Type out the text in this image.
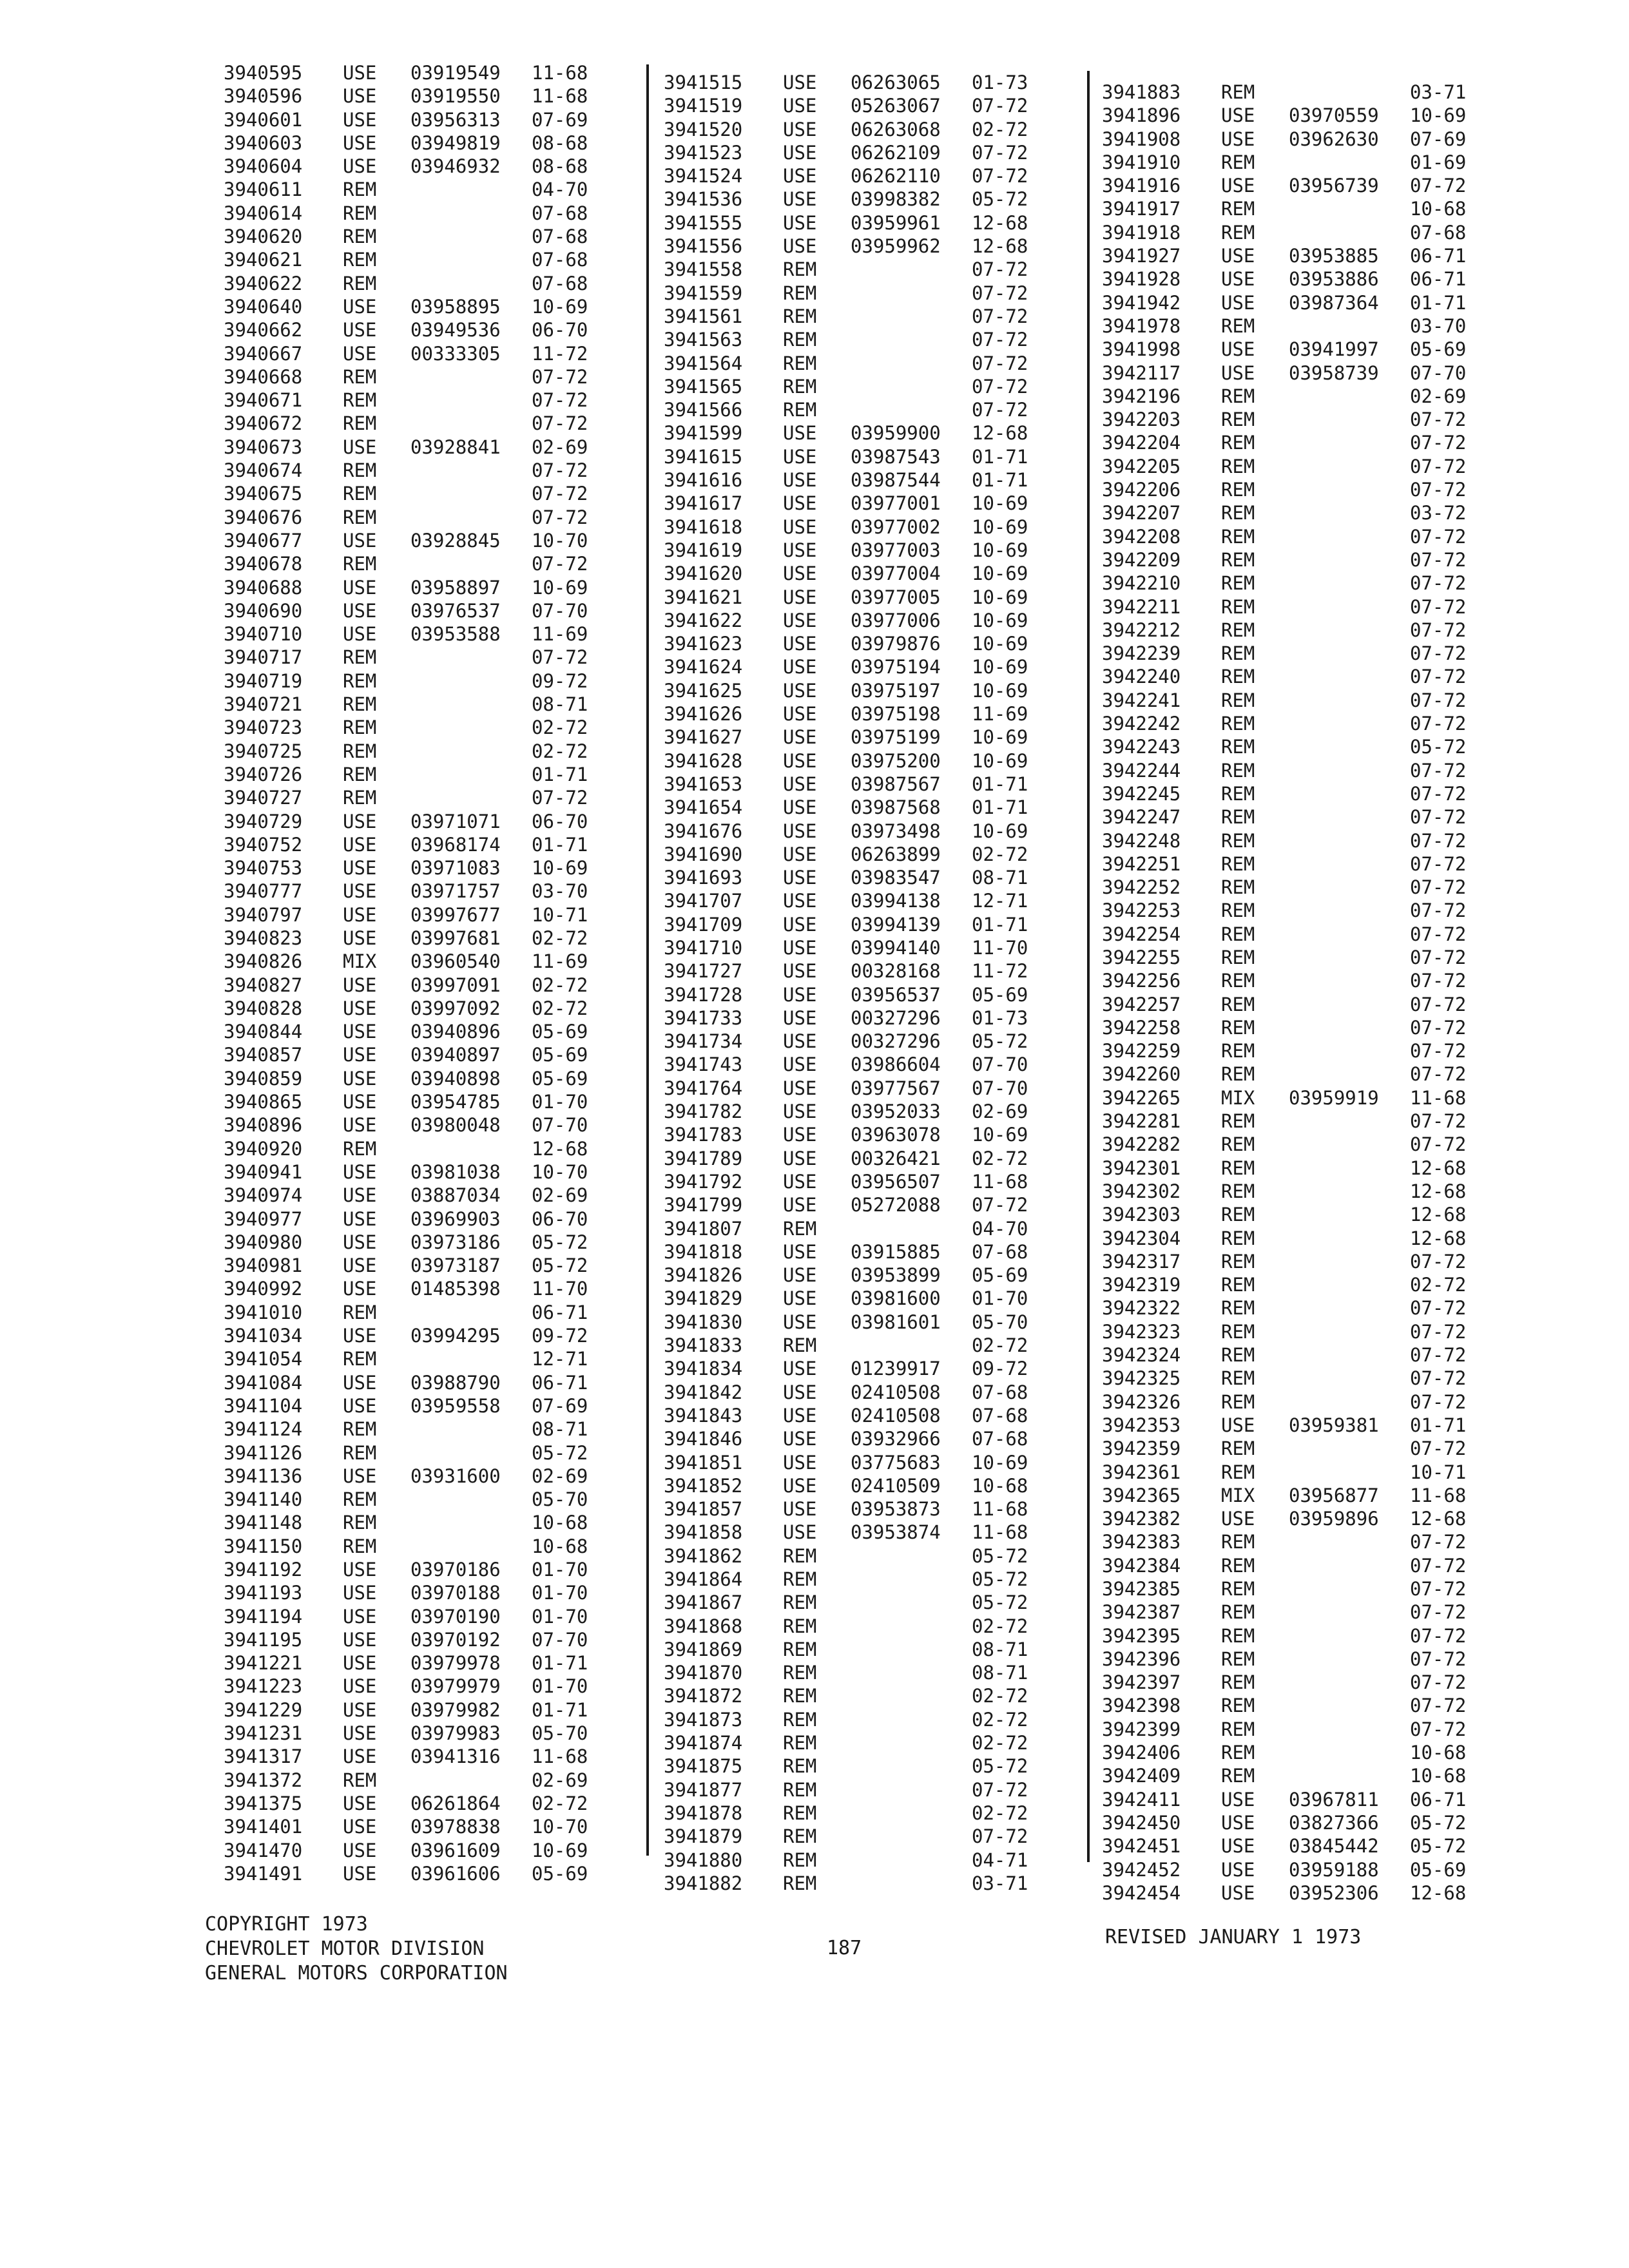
3940595 USE 03919549 11-68
3940596 USE 03919550 11-68
3940601 USE 03956313 07-69
3940603 USE 03949819 08-68
3940604 USE 03946932 08-68
3940611 REM	04-70
3940614 REM	07-68
3940620 REM	07-68
3940621 REM	07-68
3940622 REM	07-68
3940640 USE 03958895 10-69
3940662 USE 03949536 06-70
3940667 USE 00333305 11-72
3940668 REM	07-72
3940671 REM	07-72
3940672 REM	07-72
3940673 USE 03928841 02-69
3940674 REM	07-72
3940675 REM	07-72
3940676 REM	07-72
3940677 USE 03928845 10-70
3940678 REM	07-72
3940688 USE 03958897 10-69
3940690 USE 03976537 07-70
3940710 USE 03953588 11-69
3940717 REM	07-72
3940719 REM	09-72
3940721 REM	08-71
3940723 REM	02-72
3940725 REM	02-72
3940726 REM	01-71
3940727 REM	07-72
3940729 USE 03971071 06-70
3940752 USE 03968174 01-71
3940753 USE 03971083 10-69
3940777 USE 03971757 03-70
3940797 USE 03997677 10-71
3940823 USE 03997681 02-72
3940826 MIX 03960540 11-69
3940827 USE 03997091 02-72
3940828 USE 03997092 02-72
3940844 USE 03940896 05-69
3940857 USE 03940897 05-69
3940859 USE 03940898 05-69
3940865 USE 03954785 01-70
3940896 USE 03980048 07-70
3940920 REM	12-68
3940941 USE 03981038 10-70
3940974 USE 03887034 02-69
3940977 USE 03969903 06-70
3940980 USE 03973186 05-72
3940981 USE 03973187 05-72
3940992 USE 01485398 11-70
3941010 REM	06-71
3941034 USE 03994295 09-72
3941054 REM	12-71
3941084 USE 03988790 06-71
3941104 USE 03959558 07-69
3941124 REM	08-71
3941126 REM	05-72
3941136 USE 03931600 02-69
3941140 REM	05-70
3941148 REM	10-68
3941150 REM	10-68
3941192 USE 03970186 01-70
3941193 USE 03970188 01-70
3941194 USE 03970190 01-70
3941195 USE 03970192 07-70
3941221 USE 03979978 01-71
3941223 USE 03979979 01-70
3941229 USE 03979982 01-71
3941231 USE 03979983 05-70
3941317 USE 03941316 11-68
3941372 REM	02-69
3941375 USE 06261864 02-72
3941401 USE 03978838 10-70
3941470 USE 03961609 10-69
3941491 USE 03961606 05-69
3941515 USE 06263065 01-73
3941519 USE 05263067 07-72
3941520 USE 06263068 02-72
3941523 USE 06262109 07-72
3941524 USE 06262110 07-72
3941536 USE 03998382 05-72
3941555 USE 03959961 12-68
3941556 USE 03959962 12-68
3941558 REM	07-72
3941559 REM	07-72
3941561 REM	07-72
3941563 REM	07-72
3941564 REM	07-72
3941565 REM	07-72
3941566 REM	07-72
3941599 USE 03959900 12-68
3941615 USE 03987543 01-71
3941616 USE 03987544 01-71
3941617 USE 03977001 10-69
3941618 USE 03977002 10-69
3941619 USE 03977003 10-69
3941620 USE 03977004 10-69
3941621 USE 03977005 10-69
3941622 USE 03977006 10-69
3941623 USE 03979876 10-69
3941624 USE 03975194 10-69
3941625 USE 03975197 10-69
3941626 USE 03975198 11-69
3941627 USE 03975199 10-69
3941628 USE 03975200 10-69
3941653 USE 03987567 01-71
3941654 USE 03987568 01-71
3941676 USE 03973498 10-69
3941690 USE 06263899 02-72
3941693 USE 03983547 08-71
3941707 USE 03994138 12-71
3941709 USE 03994139 01-71
3941710 USE 03994140 11-70
3941727 USE 00328168 11-72
3941728 USE 03956537 05-69
3941733 USE 00327296 01-73
3941734 USE 00327296 05-72
3941743 USE 03986604 07-70
3941764 USE 03977567 07-70
3941782 USE 03952033 02-69
3941783 USE 03963078 10-69
3941789 USE 00326421 02-72
3941792 USE 03956507 11-68
3941799 USE 05272088 07-72
3941807 REM	04-70
3941818 USE 03915885 07-68
3941826 USE 03953899 05-69
3941829 USE 03981600 01-70
3941830 USE 03981601 05-70
3941833 REM	02-72
3941834 USE 01239917 09-72
3941842 USE 02410508 07-68
3941843 USE 02410508 07-68
3941846 USE 03932966 07-68
3941851 USE 03775683 10-69
3941852 USE 02410509 10-68
3941857 USE 03953873 11-68
3941858 USE 03953874 11-68
3941862 REM	05-72
3941864 REM	05-72
3941867 REM	05-72
3941868 REM	02-72
3941869 REM	08-71
3941870 REM	08-71
3941872 REM	02-72
3941873 REM	02-72
3941874 REM	02-72
3941875 REM	05-72
3941877 REM	07-72
3941878 REM	02-72
3941879 REM	07-72
3941880 REM	04-71
3941882 REM	03-71
3941883 REM	03-71
3941896 USE 03970559 10-69
3941908 USE 03962630 07-69
3941910 REM	01-69
3941916 USE 03956739 07-72
3941917 REM	10-68
3941918 REM	07-68
3941927 USE 03953885 06-71
3941928 USE 03953886 06-71
3941942 USE 03987364 01-71
3941978 REM	03-70
3941998 USE 03941997 05-69
3942117 USE 03958739 07-70
3942196 REM	02-69
3942203 REM	07-72
3942204 REM	07-72
3942205 REM	07-72
3942206 REM	07-72
3942207 REM	03-72
3942208 REM	07-72
3942209 REM	07-72
3942210 REM	07-72
3942211 REM	07-72
3942212 REM	07-72
3942239 REM	07-72
3942240 REM	07-72
3942241 REM	07-72
3942242 REM	07-72
3942243 REM	05-72
3942244 REM	07-72
3942245 REM	07-72
3942247 REM	07-72
3942248 REM	07-72
3942251 REM	07-72
3942252 REM	07-72
3942253 REM	07-72
3942254 REM	07-72
3942255 REM	07-72
3942256 REM	07-72
3942257 REM	07-72
3942258 REM	07-72
3942259 REM	07-72
3942260 REM	07-72
3942265 MIX 03959919 11-68
3942281 REM	07-72
3942282 REM	07-72
3942301 REM	12-68
3942302 REM	12-68
3942303 REM	12-68
3942304 REM	12-68
3942317 REM	07-72
3942319 REM	02-72
3942322 REM	07-72
3942323 REM	07-72
3942324 REM	07-72
3942325 REM	07-72
3942326 REM	07-72
3942353 USE 03959381 01-71
3942359 REM	07-72
3942361 REM	10-71
3942365 MIX 03956877 11-68
3942382 USE 03959896 12-68
3942383 REM	07-72
3942384 REM	07-72
3942385 REM	07-72
3942387 REM	07-72
3942395 REM	07-72
3942396 REM	07-72
3942397 REM	07-72
3942398 REM	07-72
3942399 REM	07-72
3942406 REM	10-68
3942409 REM	10-68
3942411 USE 03967811 06-71
3942450 USE 03827366 05-72
3942451 USE 03845442 05-72
3942452 USE 03959188 05-69
3942454 USE 03952306 12-68
COPYRIGHT 1973
CHEVROLET MOTOR DIVISION
GENERAL MOTORS CORPORATION
187	REVISED JANUARY 1 1973
